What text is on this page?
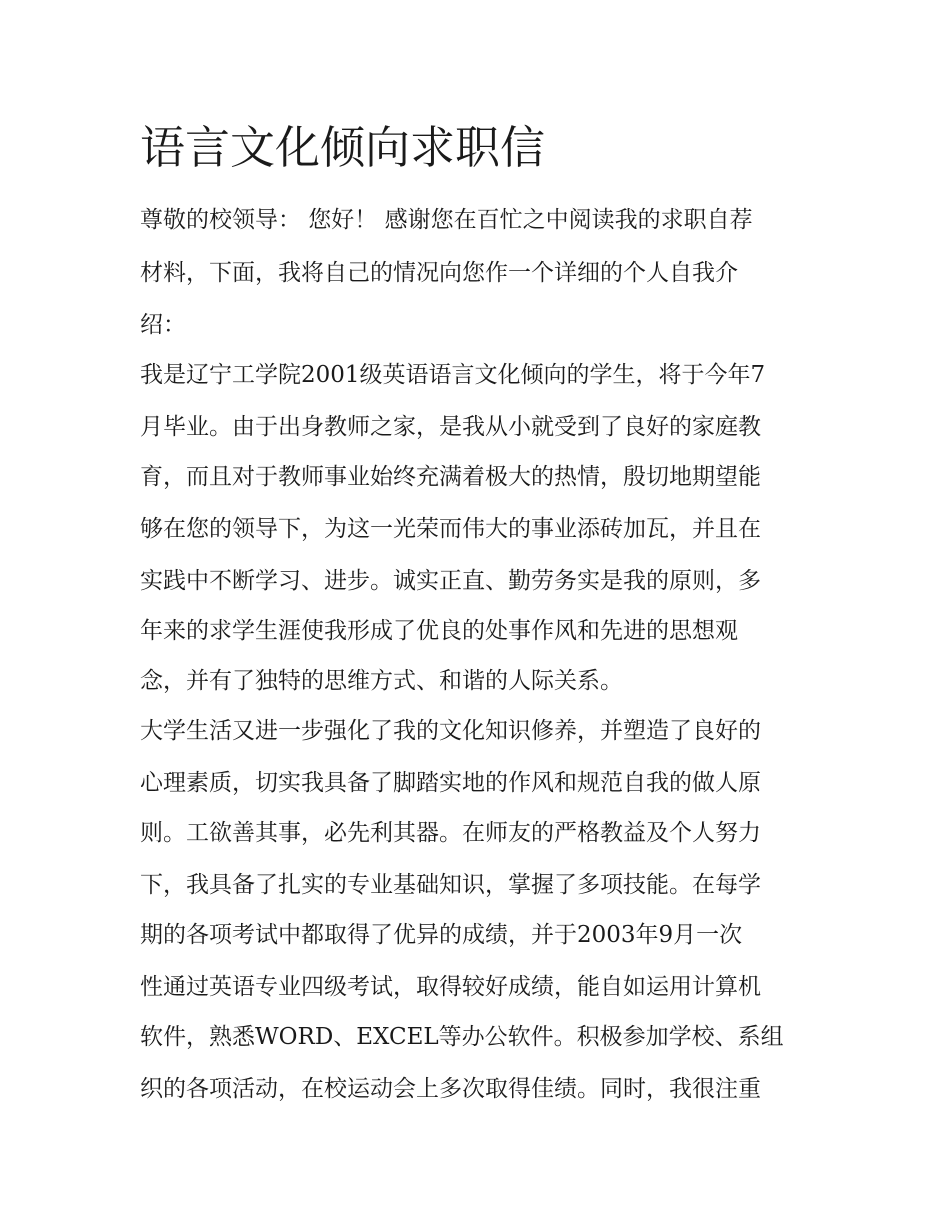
语言文化倾向求职信

尊敬的校领导： 您好！ 感谢您在百忙之中阅读我的求职自荐

材料，下面，我将自己的情况向您作一个详细的个人自我介

绍：

我是辽宁工学院2001级英语语言文化倾向的学生，将于今年7

月毕业。由于出身教师之家，是我从小就受到了良好的家庭教

育，而且对于教师事业始终充满着极大的热情，殷切地期望能

够在您的领导下，为这一光荣而伟大的事业添砖加瓦，并且在

实践中不断学习、进步。诚实正直、勤劳务实是我的原则，多

年来的求学生涯使我形成了优良的处事作风和先进的思想观

念，并有了独特的思维方式、和谐的人际关系。

大学生活又进一步强化了我的文化知识修养，并塑造了良好的

心理素质，切实我具备了脚踏实地的作风和规范自我的做人原

则。工欲善其事，必先利其器。在师友的严格教益及个人努力

下，我具备了扎实的专业基础知识，掌握了多项技能。在每学

期的各项考试中都取得了优异的成绩，并于2003年9月一次

性通过英语专业四级考试，取得较好成绩，能自如运用计算机

软件，熟悉WORD、EXCEL等办公软件。积极参加学校、系组

织的各项活动，在校运动会上多次取得佳绩。同时，我很注重
